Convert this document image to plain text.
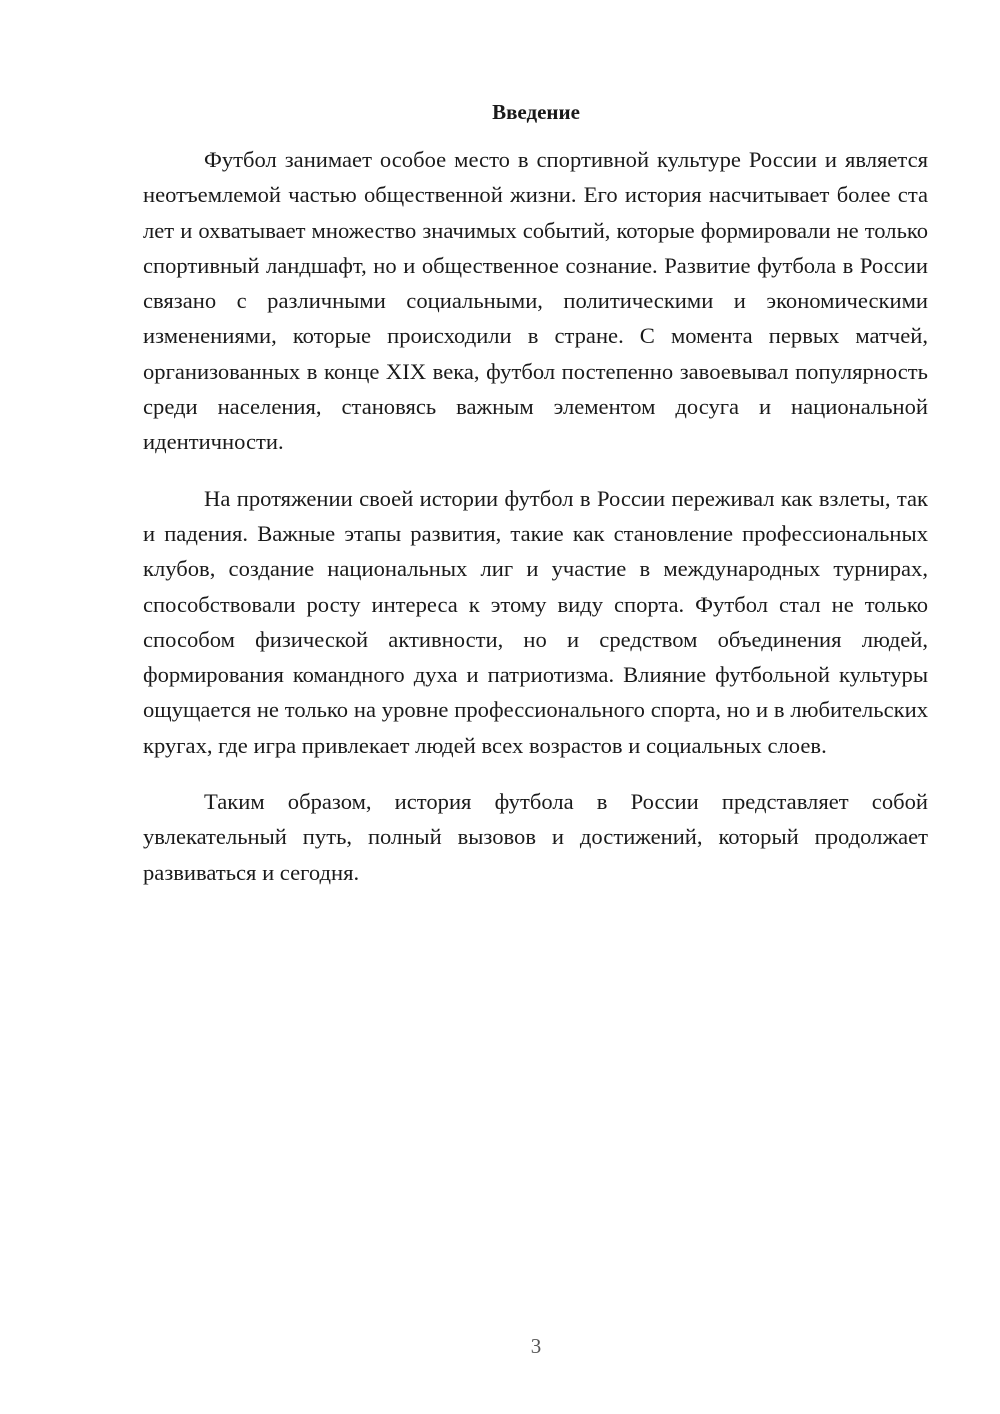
Введение

Футбол занимает особое место в спортивной культуре России и является неотъемлемой частью общественной жизни. Его история насчитывает более ста лет и охватывает множество значимых событий, которые формировали не только спортивный ландшафт, но и общественное сознание. Развитие футбола в России связано с различными социальными, политическими и экономическими изменениями, которые происходили в стране. С момента первых матчей, организованных в конце XIX века, футбол постепенно завоевывал популярность среди населения, становясь важным элементом досуга и национальной идентичности.

На протяжении своей истории футбол в России переживал как взлеты, так и падения. Важные этапы развития, такие как становление профессиональных клубов, создание национальных лиг и участие в международных турнирах, способствовали росту интереса к этому виду спорта. Футбол стал не только способом физической активности, но и средством объединения людей, формирования командного духа и патриотизма. Влияние футбольной культуры ощущается не только на уровне профессионального спорта, но и в любительских кругах, где игра привлекает людей всех возрастов и социальных слоев.

Таким образом, история футбола в России представляет собой увлекательный путь, полный вызовов и достижений, который продолжает развиваться и сегодня.

3
